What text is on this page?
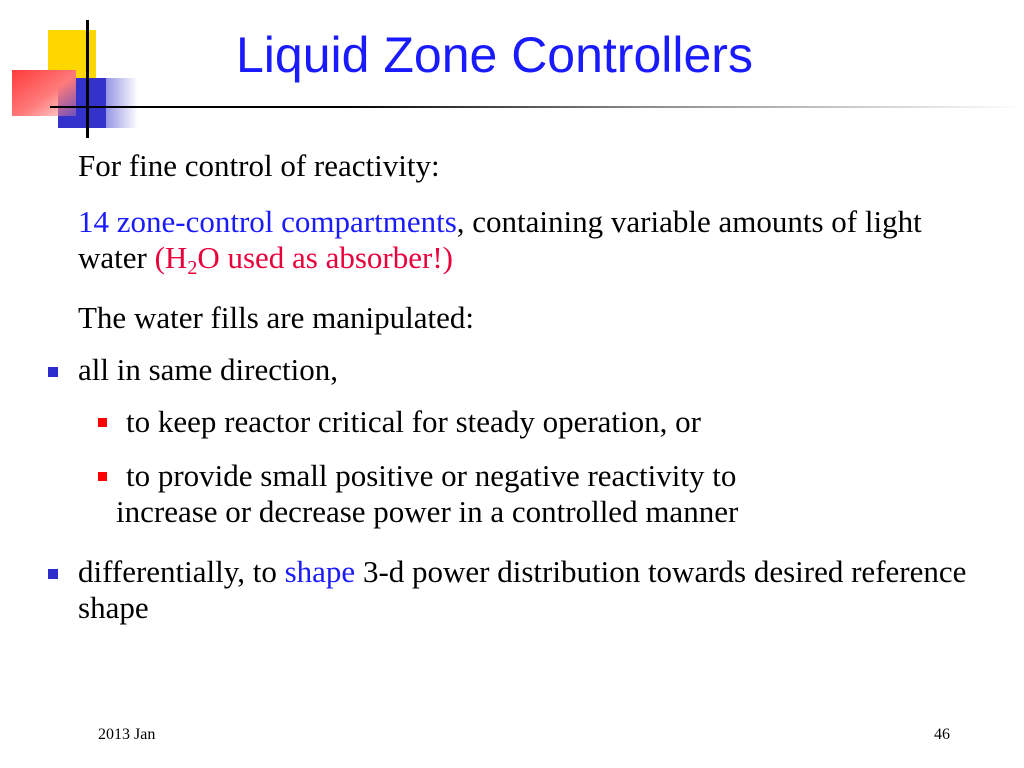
Liquid Zone Controllers
For fine control of reactivity:
14 zone-control compartments, containing variable amounts of light water ($H_2O$ used as absorber!)
The water fills are manipulated:
all in same direction,
to keep reactor critical for steady operation, or
to provide small positive or negative reactivity to
increase or decrease power in a controlled manner
differentially, to shape 3-d power distribution towards desired reference shape
2013 Jan	46
